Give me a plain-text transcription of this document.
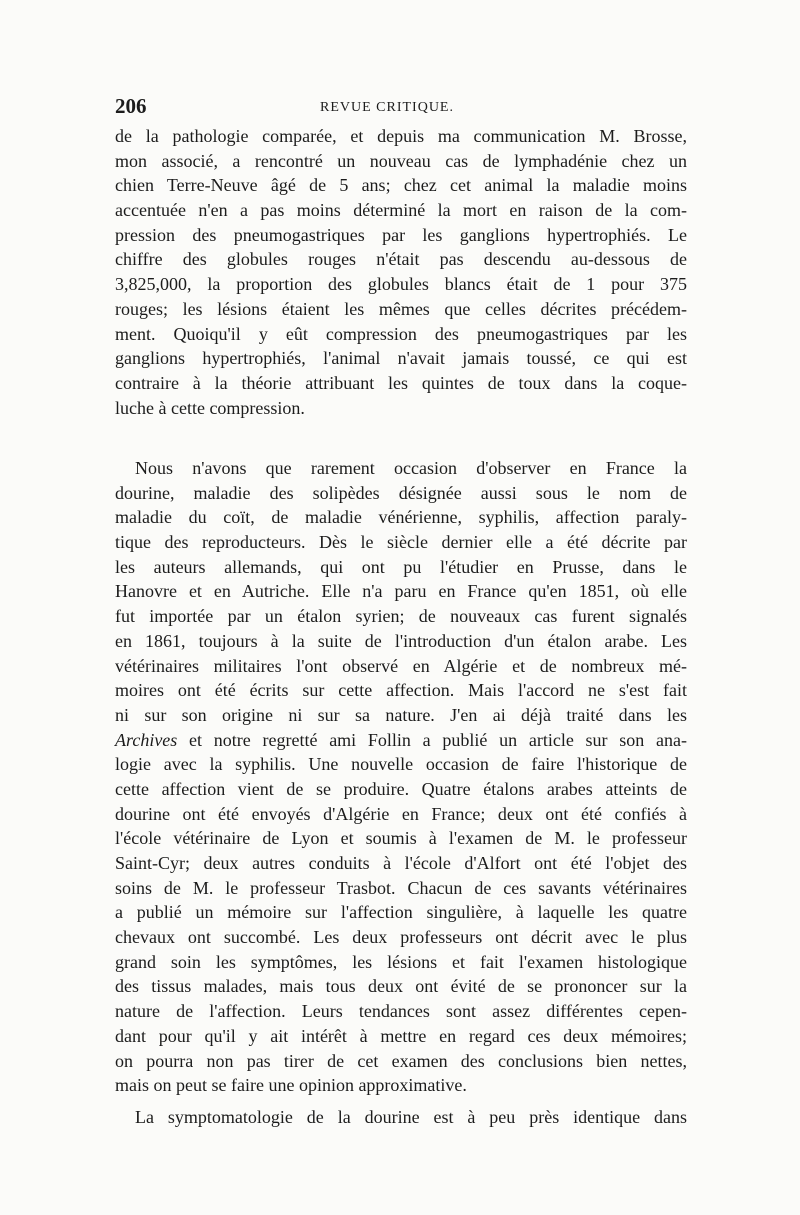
206	REVUE CRITIQUE.
de la pathologie comparée, et depuis ma communication M. Brosse,
mon associé, a rencontré un nouveau cas de lymphadénie chez un
chien Terre-Neuve âgé de 5 ans; chez cet animal la maladie moins
accentuée n'en a pas moins déterminé la mort en raison de la com-
pression des pneumogastriques par les ganglions hypertrophiés. Le
chiffre des globules rouges n'était pas descendu au-dessous de
3,825,000, la proportion des globules blancs était de 1 pour 375
rouges; les lésions étaient les mêmes que celles décrites précédem-
ment. Quoiqu'il y eût compression des pneumogastriques par les
ganglions hypertrophiés, l'animal n'avait jamais toussé, ce qui est
contraire à la théorie attribuant les quintes de toux dans la coque-
luche à cette compression.
Nous n'avons que rarement occasion d'observer en France la
dourine, maladie des solipèdes désignée aussi sous le nom de
maladie du coït, de maladie vénérienne, syphilis, affection paraly-
tique des reproducteurs. Dès le siècle dernier elle a été décrite par
les auteurs allemands, qui ont pu l'étudier en Prusse, dans le
Hanovre et en Autriche. Elle n'a paru en France qu'en 1851, où elle
fut importée par un étalon syrien; de nouveaux cas furent signalés
en 1861, toujours à la suite de l'introduction d'un étalon arabe. Les
vétérinaires militaires l'ont observé en Algérie et de nombreux mé-
moires ont été écrits sur cette affection. Mais l'accord ne s'est fait
ni sur son origine ni sur sa nature. J'en ai déjà traité dans les
Archives et notre regretté ami Follin a publié un article sur son ana-
logie avec la syphilis. Une nouvelle occasion de faire l'historique de
cette affection vient de se produire. Quatre étalons arabes atteints de
dourine ont été envoyés d'Algérie en France; deux ont été confiés à
l'école vétérinaire de Lyon et soumis à l'examen de M. le professeur
Saint-Cyr; deux autres conduits à l'école d'Alfort ont été l'objet des
soins de M. le professeur Trasbot. Chacun de ces savants vétérinaires
a publié un mémoire sur l'affection singulière, à laquelle les quatre
chevaux ont succombé. Les deux professeurs ont décrit avec le plus
grand soin les symptômes, les lésions et fait l'examen histologique
des tissus malades, mais tous deux ont évité de se prononcer sur la
nature de l'affection. Leurs tendances sont assez différentes cepen-
dant pour qu'il y ait intérêt à mettre en regard ces deux mémoires;
on pourra non pas tirer de cet examen des conclusions bien nettes,
mais on peut se faire une opinion approximative.
La symptomatologie de la dourine est à peu près identique dans
